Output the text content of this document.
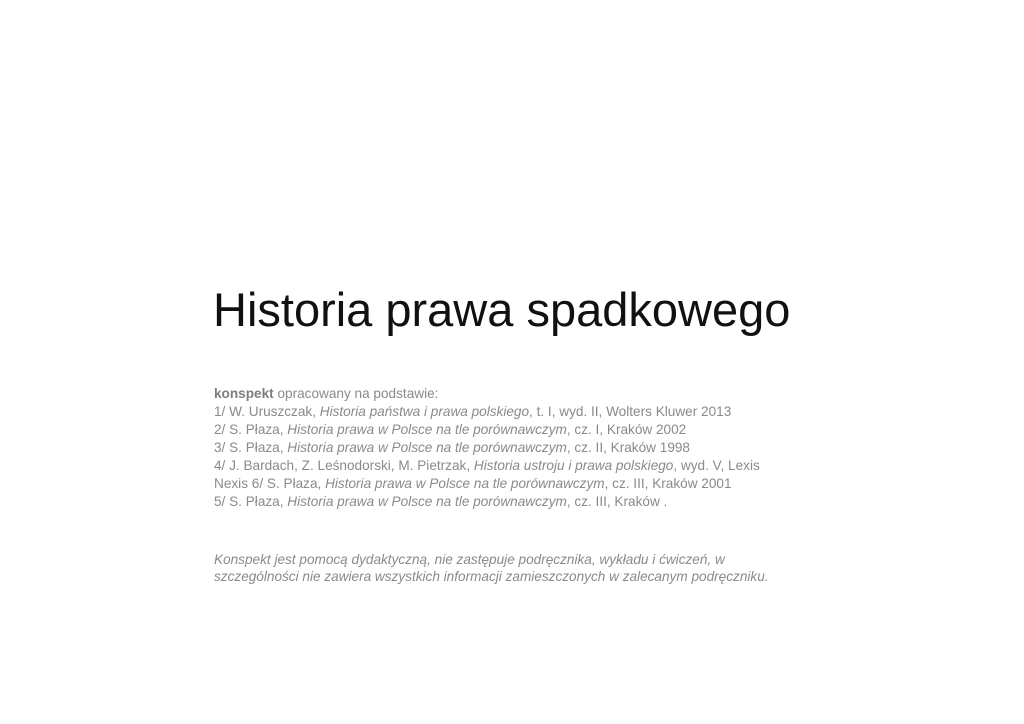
Historia prawa spadkowego

konspekt opracowany na podstawie:

1/ W. Uruszczak, Historia państwa i prawa polskiego, t. I, wyd. II, Wolters Kluwer 2013

2/ S. Płaza, Historia prawa w Polsce na tle porównawczym, cz. I, Kraków 2002

3/ S. Płaza, Historia prawa w Polsce na tle porównawczym, cz. II, Kraków 1998

4/ J. Bardach, Z. Leśnodorski, M. Pietrzak, Historia ustroju i prawa polskiego, wyd. V, Lexis

Nexis 6/ S. Płaza, Historia prawa w Polsce na tle porównawczym, cz. III, Kraków 2001

5/ S. Płaza, Historia prawa w Polsce na tle porównawczym, cz. III, Kraków .

Konspekt jest pomocą dydaktyczną, nie zastępuje podręcznika, wykładu i ćwiczeń, w

szczególności nie zawiera wszystkich informacji zamieszczonych w zalecanym podręczniku.
